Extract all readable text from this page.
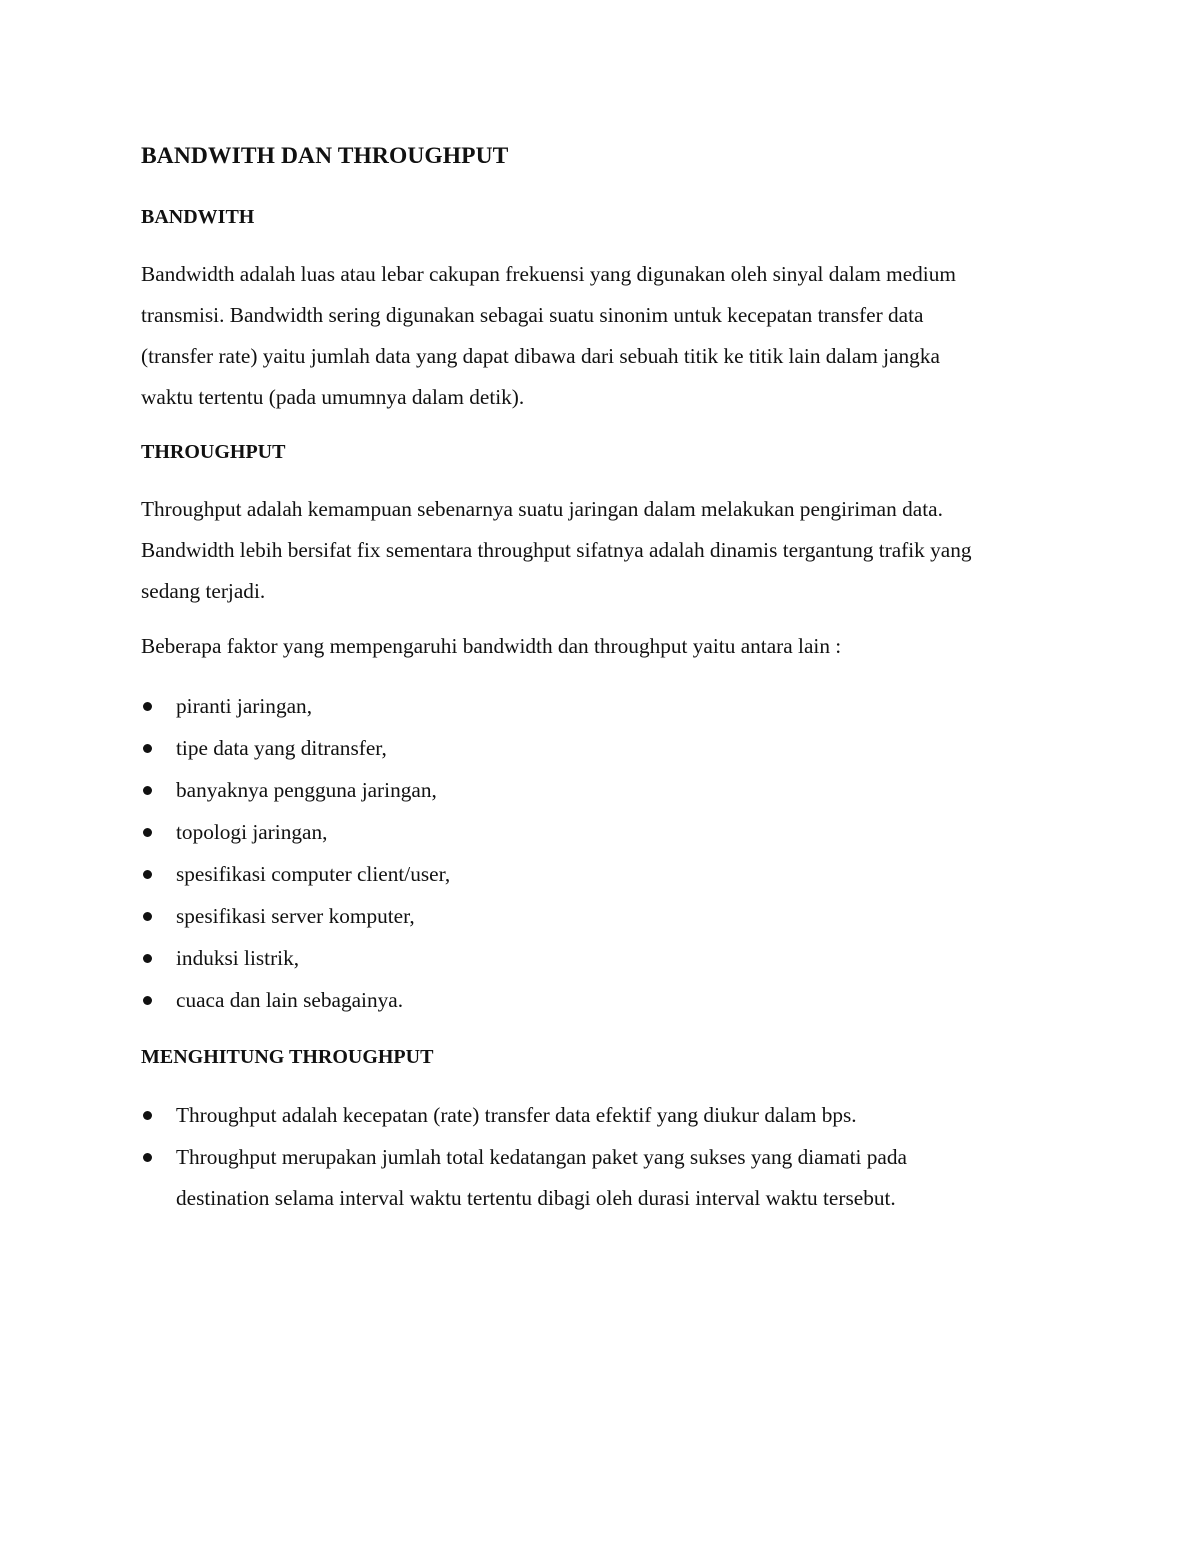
BANDWITH DAN THROUGHPUT
BANDWITH

Bandwidth adalah luas atau lebar cakupan frekuensi yang digunakan oleh sinyal dalam medium
transmisi. Bandwidth sering digunakan sebagai suatu sinonim untuk kecepatan transfer data
(transfer rate) yaitu jumlah data yang dapat dibawa dari sebuah titik ke titik lain dalam jangka
waktu tertentu (pada umumnya dalam detik).

THROUGHPUT

Throughput adalah kemampuan sebenarnya suatu jaringan dalam melakukan pengiriman data.
Bandwidth lebih bersifat fix sementara throughput sifatnya adalah dinamis tergantung trafik yang
sedang terjadi.

Beberapa faktor yang mempengaruhi bandwidth dan throughput yaitu antara lain :

piranti jaringan,
tipe data yang ditransfer,
banyaknya pengguna jaringan,
topologi jaringan,
spesifikasi computer client/user,
spesifikasi server komputer,
induksi listrik,
cuaca dan lain sebagainya.
MENGHITUNG THROUGHPUT
Throughput adalah kecepatan (rate) transfer data efektif yang diukur dalam bps.
Throughput merupakan jumlah total kedatangan paket yang sukses yang diamati pada
destination selama interval waktu tertentu dibagi oleh durasi interval waktu tersebut.
